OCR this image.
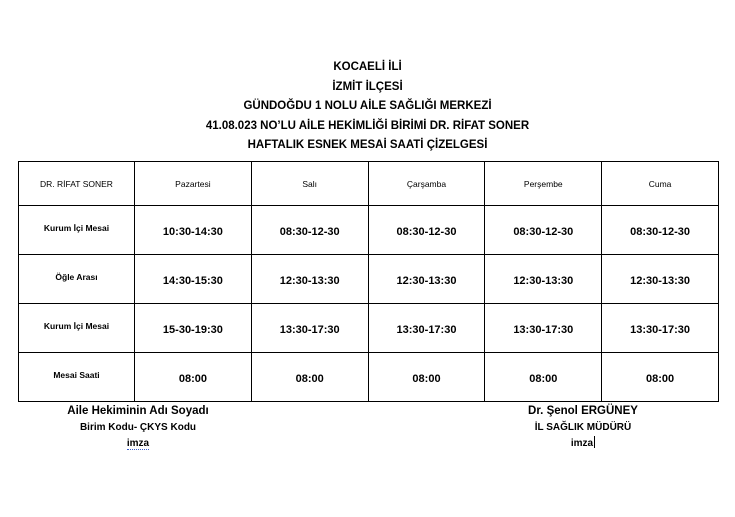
KOCAELİ İLİ
İZMİT İLÇESİ
GÜNDOĞDU 1 NOLU AİLE SAĞLIĞI MERKEZİ
41.08.023 NO’LU AİLE HEKİMLİĞİ BİRİMİ DR. RİFAT SONER
HAFTALIK ESNEK MESAİ SAATİ ÇİZELGESİ
DR. RİFAT SONER	Pazartesi	Salı	Çarşamba	Perşembe	Cuma
Kurum İçi Mesai	10:30-14:30	08:30-12-30	08:30-12-30	08:30-12-30	08:30-12-30
Öğle Arası	14:30-15:30	12:30-13:30	12:30-13:30	12:30-13:30	12:30-13:30
Kurum İçi Mesai	15-30-19:30	13:30-17:30	13:30-17:30	13:30-17:30	13:30-17:30
Mesai Saati	08:00	08:00	08:00	08:00	08:00
Aile Hekiminin Adı Soyadı
Birim Kodu- ÇKYS Kodu
imza
Dr. Şenol ERGÜNEY
İL SAĞLIK MÜDÜRÜ
imza
